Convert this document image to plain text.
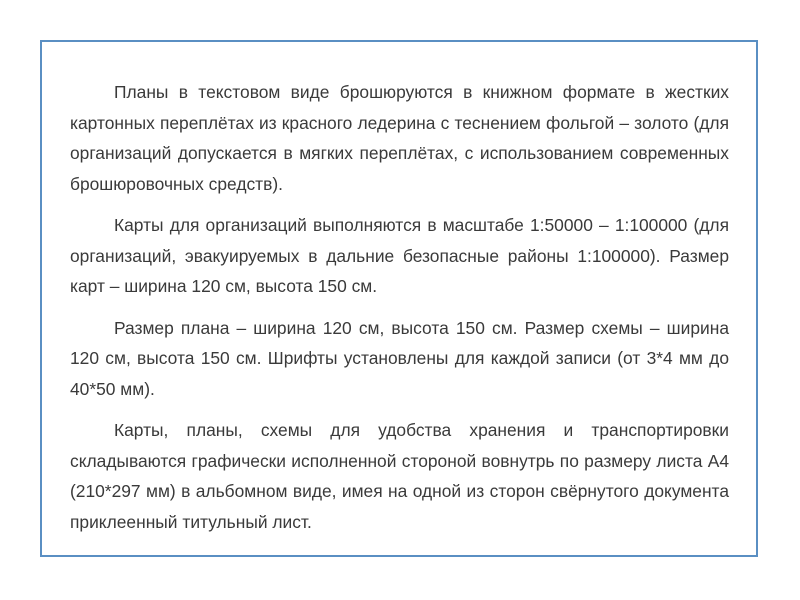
Планы в текстовом виде брошюруются в книжном формате в жестких картонных переплётах из красного ледерина с теснением фольгой – золото (для организаций допускается в мягких переплётах, с использованием современных брошюровочных средств).

Карты для организаций выполняются в масштабе 1:50000 – 1:100000 (для организаций, эвакуируемых в дальние безопасные районы 1:100000). Размер карт – ширина 120 см, высота 150 см.

Размер плана – ширина 120 см, высота 150 см. Размер схемы – ширина 120 см, высота 150 см. Шрифты установлены для каждой записи (от 3*4 мм до 40*50 мм).

Карты, планы, схемы для удобства хранения и транспортировки складываются графически исполненной стороной вовнутрь по размеру листа А4 (210*297 мм) в альбомном виде, имея на одной из сторон свёрнутого документа приклеенный титульный лист.
